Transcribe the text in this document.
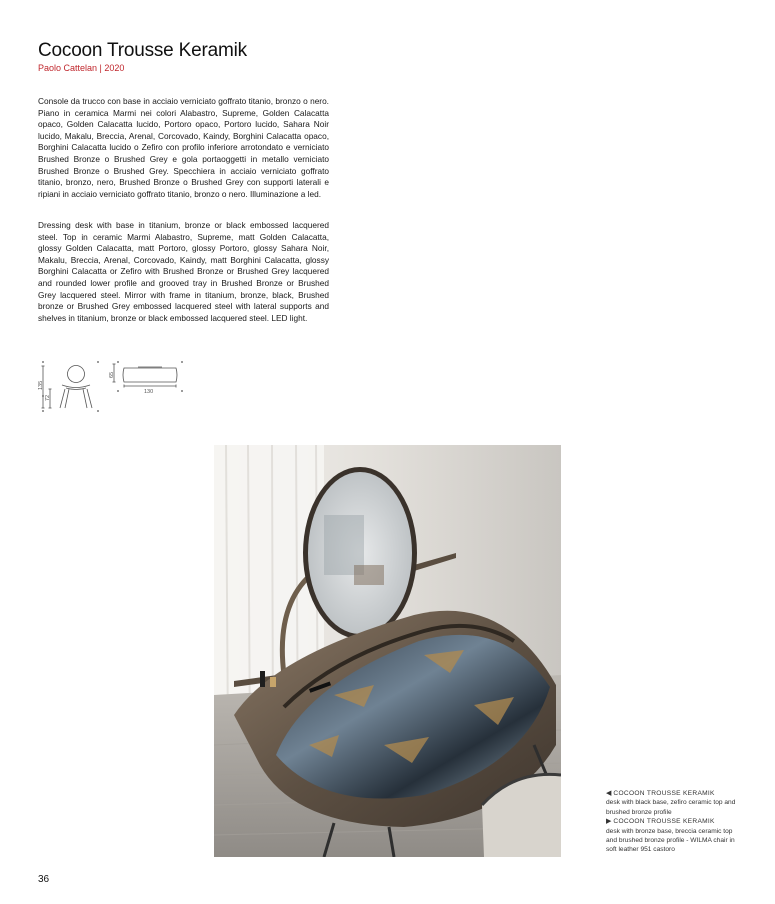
Cocoon Trousse Keramik

Paolo Cattelan | 2020

Console da trucco con base in acciaio verniciato goffrato titanio, bronzo o nero. Piano in ceramica Marmi nei colori Alabastro, Supreme, Golden Calacatta opaco, Golden Calacatta lucido, Portoro opaco, Portoro lucido, Sahara Noir lucido, Makalu, Breccia, Arenal, Corcovado, Kaindy, Borghini Calacatta opaco, Borghini Calacatta lucido o Zefiro con profilo inferiore arrotondato e verniciato Brushed Bronze o Brushed Grey e gola portaoggetti in metallo verniciato Brushed Bronze o Brushed Grey. Specchiera in acciaio verniciato goffrato titanio, bronzo, nero, Brushed Bronze o Brushed Grey con supporti laterali e ripiani in acciaio verniciato goffrato titanio, bronzo o nero. Illuminazione a led.

Dressing desk with base in titanium, bronze or black embossed lacquered steel. Top in ceramic Marmi Alabastro, Supreme, matt Golden Calacatta, glossy Golden Calacatta, matt Portoro, glossy Portoro, glossy Sahara Noir, Makalu, Breccia, Arenal, Corcovado, Kaindy, matt Borghini Calacatta, glossy Borghini Calacatta or Zefiro with Brushed Bronze or Brushed Grey lacquered and rounded lower profile and grooved tray in Brushed Bronze or Brushed Grey lacquered steel. Mirror with frame in titanium, bronze, black, Brushed bronze or Brushed Grey embossed lacquered steel with lateral supports and shelves in titanium, bronze or black embossed lacquered steel. LED light.

135
72
65
130
◀ COCOON TROUSSE KERAMIK
desk with black base, zefiro ceramic top and brushed bronze profile
▶ COCOON TROUSSE KERAMIK
desk with bronze base, breccia ceramic top and brushed bronze profile - WILMA chair in soft leather 951 castoro

36
